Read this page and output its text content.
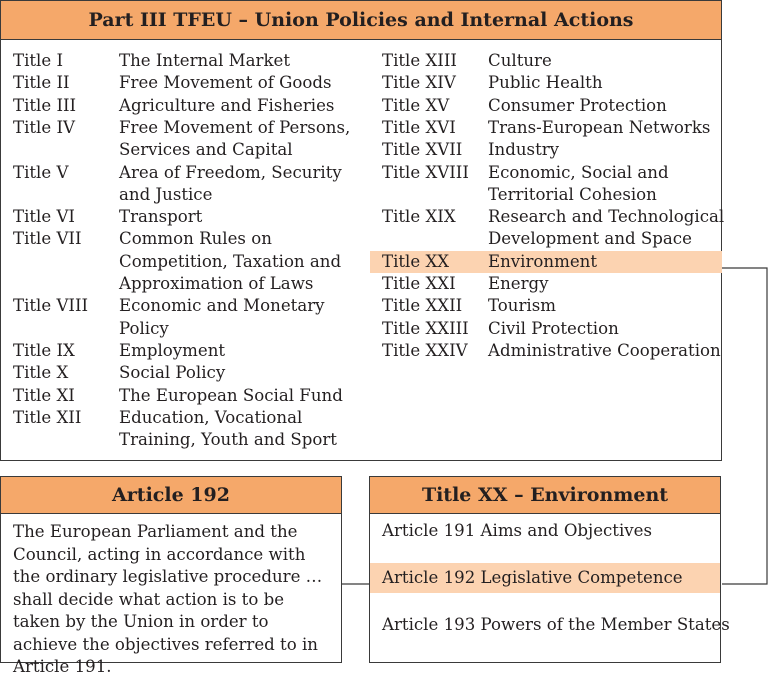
Part III TFEU – Union Policies and Internal Actions
Title I	The Internal Market
Title II	Free Movement of Goods
Title III	Agriculture and Fisheries
Title IV	Free Movement of Persons,
Services and Capital
Title V	Area of Freedom, Security
and Justice
Title VI	Transport
Title VII Common Rules on
Competition, Taxation and
Approximation of Laws
Title VIII Economic and Monetary
Policy
Title IX	Employment
Title X	Social Policy
Title XI	The European Social Fund
Title XII Education, Vocational
Training, Youth and Sport
Title XIII Culture
Title XIV Public Health
Title XV Consumer Protection
Title XVI Trans-European Networks
Title XVII Industry
Title XVIII Economic, Social and
Territorial Cohesion
Title XIX Research and Technological
Development and Space
Title XX Environment
Title XXI Energy
Title XXII Tourism
Title XXIII Civil Protection
Title XXIV Administrative Cooperation
Article 192

The European Parliament and the Council, acting in accordance with the ordinary legislative procedure … shall decide what action is to be taken by the Union in order to achieve the objectives referred to in Article 191.

Title XX – Environment
Article 191 Aims and Objectives
Article 192 Legislative Competence
Article 193 Powers of the Member States
